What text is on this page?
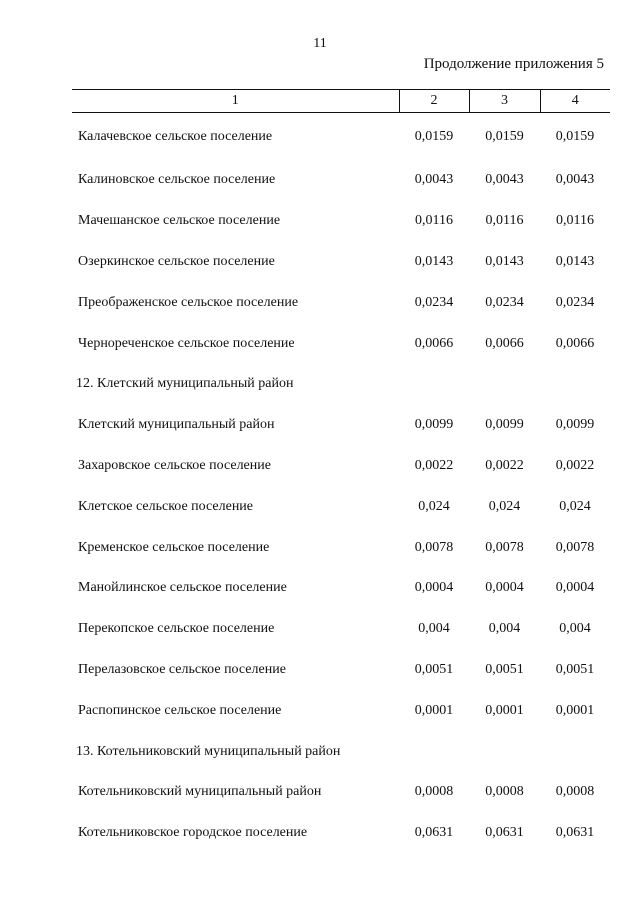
11
Продолжение приложения 5
1	2	3	4
Калачевское сельское поселение	0,0159	0,0159	0,0159
Калиновское сельское поселение	0,0043	0,0043	0,0043
Мачешанское сельское поселение	0,0116	0,0116	0,0116
Озеркинское сельское поселение	0,0143	0,0143	0,0143
Преображенское сельское поселение	0,0234	0,0234	0,0234
Чернореченское сельское поселение	0,0066	0,0066	0,0066
12. Клетский муниципальный район			
Клетский муниципальный район	0,0099	0,0099	0,0099
Захаровское сельское поселение	0,0022	0,0022	0,0022
Клетское сельское поселение	0,024	0,024	0,024
Кременское сельское поселение	0,0078	0,0078	0,0078
Манойлинское сельское поселение	0,0004	0,0004	0,0004
Перекопское сельское поселение	0,004	0,004	0,004
Перелазовское сельское поселение	0,0051	0,0051	0,0051
Распопинское сельское поселение	0,0001	0,0001	0,0001
13. Котельниковский муниципальный район			
Котельниковский муниципальный район	0,0008	0,0008	0,0008
Котельниковское городское поселение	0,0631	0,0631	0,0631
